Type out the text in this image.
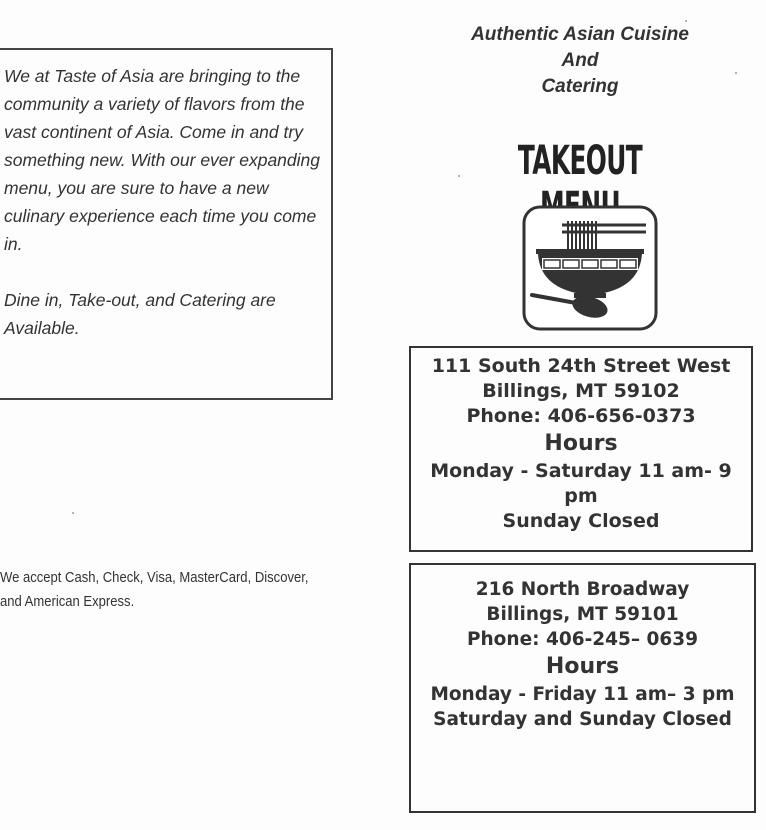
We at Taste of Asia are bringing to the community a variety of flavors from the vast continent of Asia. Come in and try something new. With our ever expanding menu, you are sure to have a new culinary experience each time you come in.

Dine in, Take-out, and Catering are Available.

We accept Cash, Check, Visa, MasterCard, Discover, and American Express.
Authentic Asian Cuisine
And
Catering
TAKEOUT
111 South 24th Street West
Billings, MT 59102
Phone: 406-656-0373
Hours
Monday - Saturday 11 am- 9
pm
Sunday Closed
216 North Broadway
Billings, MT 59101
Phone: 406-245– 0639
Hours
Monday - Friday 11 am– 3 pm
Saturday and Sunday Closed
